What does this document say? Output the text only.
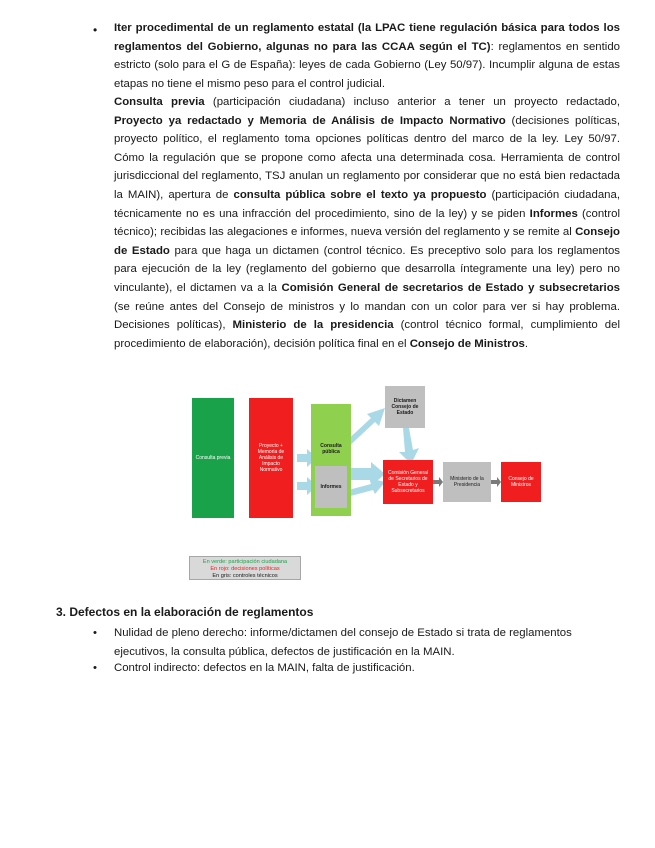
• Iter procedimental de un reglamento estatal (la LPAC tiene regulación básica para todos los reglamentos del Gobierno, algunas no para las CCAA según el TC): reglamentos en sentido estricto (solo para el G de España): leyes de cada Gobierno (Ley 50/97). Incumplir alguna de estas etapas no tiene el mismo peso para el control judicial.
Consulta previa (participación ciudadana) incluso anterior a tener un proyecto redactado, Proyecto ya redactado y Memoria de Análisis de Impacto Normativo (decisiones políticas, proyecto político, el reglamento toma opciones políticas dentro del marco de la ley. Ley 50/97. Cómo la regulación que se propone como afecta una determinada cosa. Herramienta de control jurisdiccional del reglamento, TSJ anulan un reglamento por considerar que no está bien redactada la MAIN), apertura de consulta pública sobre el texto ya propuesto (participación ciudadana, técnicamente no es una infracción del procedimiento, sino de la ley) y se piden Informes (control técnico); recibidas las alegaciones e informes, nueva versión del reglamento y se remite al Consejo de Estado para que haga un dictamen (control técnico. Es preceptivo solo para los reglamentos para ejecución de la ley (reglamento del gobierno que desarrolla íntegramente una ley) pero no vinculante), el dictamen va a la Comisión General de secretarios de Estado y subsecretarios (se reúne antes del Consejo de ministros y lo mandan con un color para ver si hay problema. Decisiones políticas), Ministerio de la presidencia (control técnico formal, cumplimiento del procedimiento de elaboración), decisión política final en el Consejo de Ministros.
Consulta previa
Proyecto + Memoria de Análisis de Impacto Normativo
Consulta pública
Informes
Dictamen Consejo de Estado
Comisión General de Secretarios de Estado y Subsecretarios
Ministerio de la Presidencia
Consejo de Ministros
En verde: participación ciudadana
En rojo: decisiones políticas
En gris: controles técnicos
3. Defectos en la elaboración de reglamentos
• Nulidad de pleno derecho: informe/dictamen del consejo de Estado si trata de reglamentos ejecutivos, la consulta pública, defectos de justificación en la MAIN.
• Control indirecto: defectos en la MAIN, falta de justificación.
